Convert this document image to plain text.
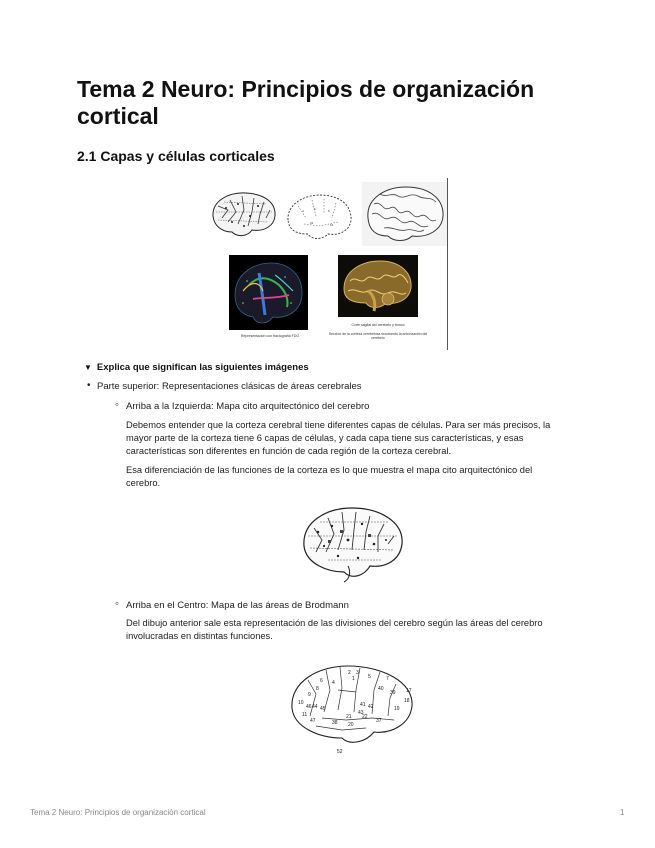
Tema 2 Neuro: Principios de organización cortical
2.1 Capas y células corticales
4	6	8
22	19
Representación con tractografía FDG
Corte sagital del cerebelo y tronco
Sección de la corteza cerebelosa mostrando la arborización del cerebelo
▼ Explica que significan las siguientes imágenes
• Parte superior: Representaciones clásicas de áreas cerebrales
◦ Arriba a la Izquierda: Mapa cito arquitectónico del cerebro

Debemos entender que la corteza cerebral tiene diferentes capas de células. Para ser más precisos, la mayor parte de la corteza tiene 6 capas de células, y cada capa tiene sus características, y esas características son diferentes en función de cada región de la corteza cerebral.

Esa diferenciación de las funciones de la corteza es lo que muestra el mapa cito arquitectónico del cerebro.

◦ Arriba en el Centro: Mapa de las áreas de Brodmann

Del dibujo anterior sale esta representación de las divisiones del cerebro según las áreas del cerebro involucradas en distintas funciones.

4
6
8
9
10
11
44 45
46
47	38 20
21 22
37
19
18
17
39
40
7
5
1
2 3
41 42
43
52
Tema 2 Neuro: Principios de organización cortical	1
